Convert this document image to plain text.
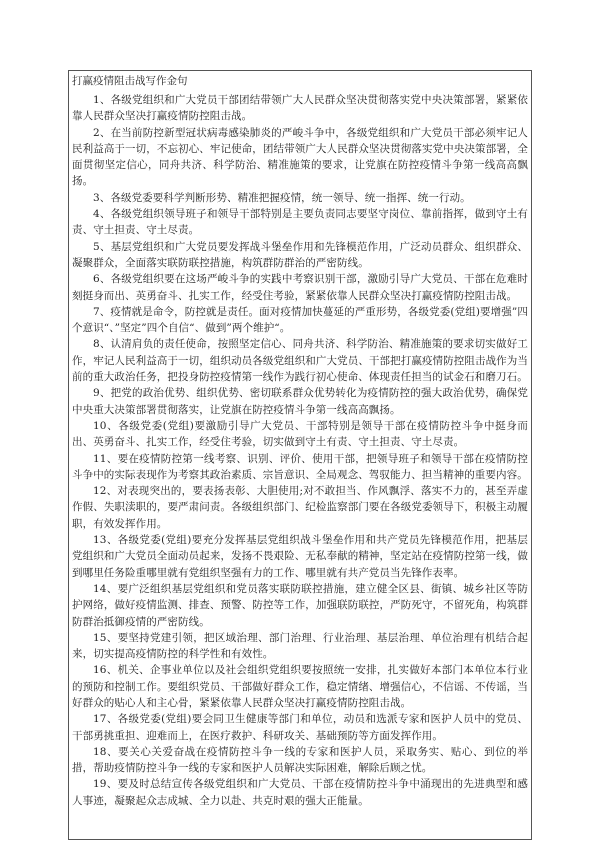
打赢疫情阻击战写作金句

1、各级党组织和广大党员干部团结带领广大人民群众坚决贯彻落实党中央决策部署，紧紧依靠人民群众坚决打赢疫情防控阻击战。

2、在当前防控新型冠状病毒感染肺炎的严峻斗争中，各级党组织和广大党员干部必须牢记人民利益高于一切，不忘初心、牢记使命，团结带领广大人民群众坚决贯彻落实党中央决策部署，全面贯彻坚定信心，同舟共济、科学防治、精准施策的要求，让党旗在防控疫情斗争第一线高高飘扬。

3、各级党委要科学判断形势、精准把握疫情，统一领导、统一指挥、统一行动。

4、各级党组织领导班子和领导干部特别是主要负责同志要坚守岗位、靠前指挥，做到守土有责、守土担责、守土尽责。

5、基层党组织和广大党员要发挥战斗堡垒作用和先锋模范作用，广泛动员群众、组织群众、凝聚群众，全面落实联防联控措施，构筑群防群治的严密防线。

6、各级党组织要在这场严峻斗争的实践中考察识别干部，激励引导广大党员、干部在危难时刻挺身而出、英勇奋斗、扎实工作，经受住考验，紧紧依靠人民群众坚决打赢疫情防控阻击战。

7、疫情就是命令，防控就是责任。面对疫情加快蔓延的严重形势，各级党委(党组)要增强”四个意识“、”坚定”四个自信“、做到”两个维护“。

8、认清肩负的责任使命，按照坚定信心、同舟共济、科学防治、精准施策的要求切实做好工作，牢记人民利益高于一切，组织动员各级党组织和广大党员、干部把打赢疫情防控阻击战作为当前的重大政治任务，把投身防控疫情第一线作为践行初心使命、体现责任担当的试金石和磨刀石。

9、把党的政治优势、组织优势、密切联系群众优势转化为疫情防控的强大政治优势，确保党中央重大决策部署贯彻落实，让党旗在防控疫情斗争第一线高高飘扬。

10、各级党委(党组)要激励引导广大党员、干部特别是领导干部在疫情防控斗争中挺身而出、英勇奋斗、扎实工作，经受住考验，切实做到守土有责、守土担责、守土尽责。

11、要在疫情防控第一线考察、识别、评价、使用干部，把领导班子和领导干部在疫情防控斗争中的实际表现作为考察其政治素质、宗旨意识、全局观念、驾驭能力、担当精神的重要内容。

12、对表现突出的，要表扬表彰、大胆使用;对不敢担当、作风飘浮、落实不力的，甚至弄虚作假、失职渎职的，要严肃问责。各级组织部门、纪检监察部门要在各级党委领导下，积极主动履职，有效发挥作用。

13、各级党委(党组)要充分发挥基层党组织战斗堡垒作用和共产党员先锋模范作用，把基层党组织和广大党员全面动员起来，发扬不畏艰险、无私奉献的精神，坚定站在疫情防控第一线，做到哪里任务险重哪里就有党组织坚强有力的工作、哪里就有共产党员当先锋作表率。

14、要广泛组织基层党组织和党员落实联防联控措施，建立健全区县、街镇、城乡社区等防护网络，做好疫情监测、排查、预警、防控等工作，加强联防联控，严防死守，不留死角，构筑群防群治抵御疫情的严密防线。

15、要坚持党建引领，把区域治理、部门治理、行业治理、基层治理、单位治理有机结合起来，切实提高疫情防控的科学性和有效性。

16、机关、企事业单位以及社会组织党组织要按照统一安排，扎实做好本部门本单位本行业的预防和控制工作。要组织党员、干部做好群众工作，稳定情绪、增强信心，不信谣、不传谣，当好群众的贴心人和主心骨，紧紧依靠人民群众坚决打赢疫情防控阻击战。

17、各级党委(党组)要会同卫生健康等部门和单位，动员和选派专家和医护人员中的党员、干部勇挑重担、迎难而上，在医疗救护、科研攻关、基础预防等方面发挥作用。

18、要关心关爱奋战在疫情防控斗争一线的专家和医护人员，采取务实、贴心、到位的举措，帮助疫情防控斗争一线的专家和医护人员解决实际困难，解除后顾之忧。

19、要及时总结宣传各级党组织和广大党员、干部在疫情防控斗争中涌现出的先进典型和感人事迹，凝聚起众志成城、全力以赴、共克时艰的强大正能量。
